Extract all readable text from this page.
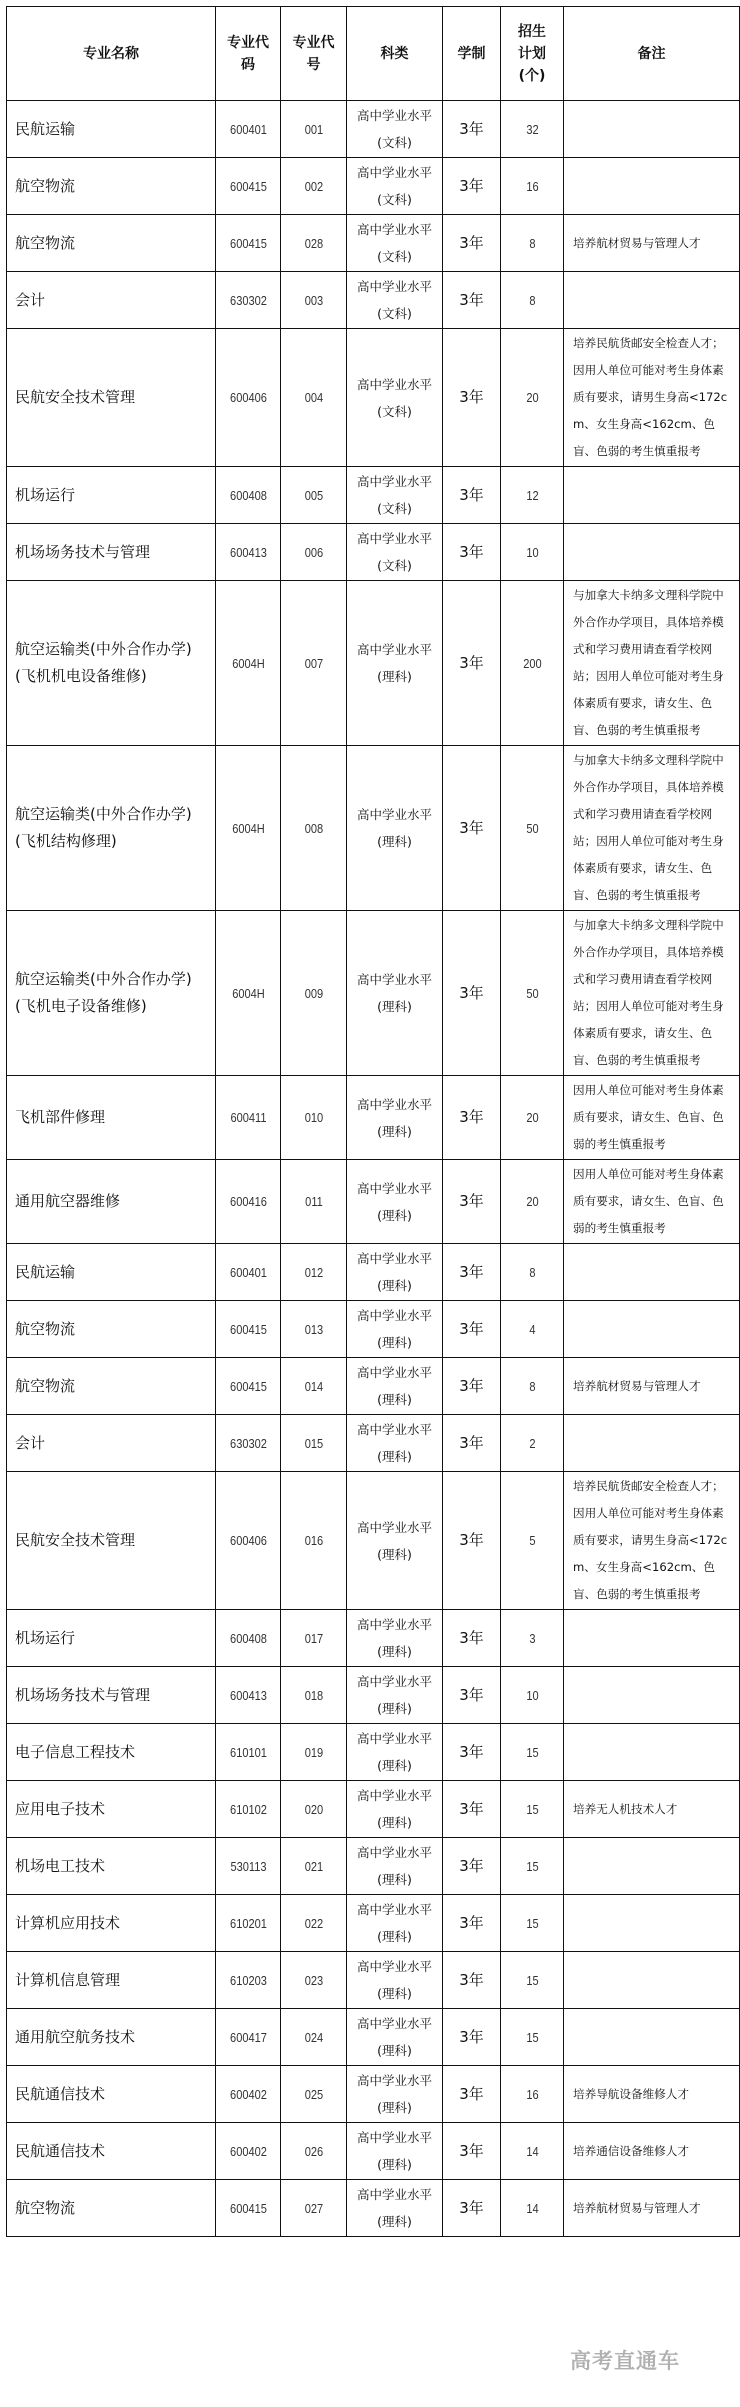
专业名称	专业代码	专业代号	科类	学制	招生计划(个)	备注
民航运输	600401	001	高中学业水平(文科)	3年	32	
航空物流	600415	002	高中学业水平(文科)	3年	16	
航空物流	600415	028	高中学业水平(文科)	3年	8	培养航材贸易与管理人才
会计	630302	003	高中学业水平(文科)	3年	8	
民航安全技术管理	600406	004	高中学业水平(文科)	3年	20	培养民航货邮安全检查人才；因用人单位可能对考生身体素质有要求，请男生身高<172cm、女生身高<162cm、色盲、色弱的考生慎重报考
机场运行	600408	005	高中学业水平(文科)	3年	12	
机场场务技术与管理	600413	006	高中学业水平(文科)	3年	10	
航空运输类(中外合作办学)(飞机机电设备维修)	6004H	007	高中学业水平(理科)	3年	200	与加拿大卡纳多文理科学院中外合作办学项目，具体培养模式和学习费用请查看学校网站；因用人单位可能对考生身体素质有要求，请女生、色盲、色弱的考生慎重报考
航空运输类(中外合作办学)(飞机结构修理)	6004H	008	高中学业水平(理科)	3年	50	与加拿大卡纳多文理科学院中外合作办学项目，具体培养模式和学习费用请查看学校网站；因用人单位可能对考生身体素质有要求，请女生、色盲、色弱的考生慎重报考
航空运输类(中外合作办学)(飞机电子设备维修)	6004H	009	高中学业水平(理科)	3年	50	与加拿大卡纳多文理科学院中外合作办学项目，具体培养模式和学习费用请查看学校网站；因用人单位可能对考生身体素质有要求，请女生、色盲、色弱的考生慎重报考
飞机部件修理	600411	010	高中学业水平(理科)	3年	20	因用人单位可能对考生身体素质有要求，请女生、色盲、色弱的考生慎重报考
通用航空器维修	600416	011	高中学业水平(理科)	3年	20	因用人单位可能对考生身体素质有要求，请女生、色盲、色弱的考生慎重报考
民航运输	600401	012	高中学业水平(理科)	3年	8	
航空物流	600415	013	高中学业水平(理科)	3年	4	
航空物流	600415	014	高中学业水平(理科)	3年	8	培养航材贸易与管理人才
会计	630302	015	高中学业水平(理科)	3年	2	
民航安全技术管理	600406	016	高中学业水平(理科)	3年	5	培养民航货邮安全检查人才；因用人单位可能对考生身体素质有要求，请男生身高<172cm、女生身高<162cm、色盲、色弱的考生慎重报考
机场运行	600408	017	高中学业水平(理科)	3年	3	
机场场务技术与管理	600413	018	高中学业水平(理科)	3年	10	
电子信息工程技术	610101	019	高中学业水平(理科)	3年	15	
应用电子技术	610102	020	高中学业水平(理科)	3年	15	培养无人机技术人才
机场电工技术	530113	021	高中学业水平(理科)	3年	15	
计算机应用技术	610201	022	高中学业水平(理科)	3年	15	
计算机信息管理	610203	023	高中学业水平(理科)	3年	15	
通用航空航务技术	600417	024	高中学业水平(理科)	3年	15	
民航通信技术	600402	025	高中学业水平(理科)	3年	16	培养导航设备维修人才
民航通信技术	600402	026	高中学业水平(理科)	3年	14	培养通信设备维修人才
航空物流	600415	027	高中学业水平(理科)	3年	14	培养航材贸易与管理人才
高考直通车
